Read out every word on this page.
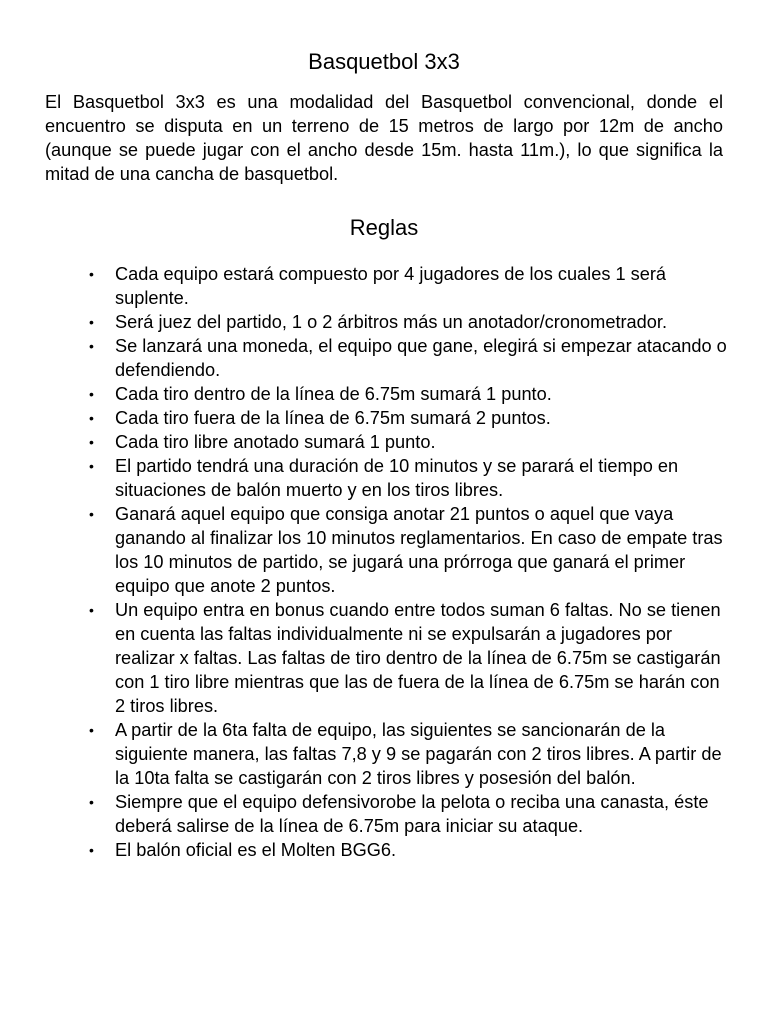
Basquetbol 3x3

El Basquetbol 3x3 es una modalidad del Basquetbol convencional, donde el encuentro se disputa en un terreno de 15 metros de largo por 12m de ancho (aunque se puede jugar con el ancho desde 15m. hasta 11m.), lo que significa la mitad de una cancha de basquetbol.

Reglas
• Cada equipo estará compuesto por 4 jugadores de los cuales 1 será suplente.
• Será juez del partido, 1 o 2 árbitros más un anotador/cronometrador.
• Se lanzará una moneda, el equipo que gane, elegirá si empezar atacando o defendiendo.
• Cada tiro dentro de la línea de 6.75m sumará 1 punto.
• Cada tiro fuera de la línea de 6.75m sumará 2 puntos.
• Cada tiro libre anotado sumará 1 punto.
• El partido tendrá una duración de 10 minutos y se parará el tiempo en situaciones de balón muerto y en los tiros libres.
• Ganará aquel equipo que consiga anotar 21 puntos o aquel que vaya ganando al finalizar los 10 minutos reglamentarios. En caso de empate tras los 10 minutos de partido, se jugará una prórroga que ganará el primer equipo que anote 2 puntos.
• Un equipo entra en bonus cuando entre todos suman 6 faltas. No se tienen en cuenta las faltas individualmente ni se expulsarán a jugadores por realizar x faltas. Las faltas de tiro dentro de la línea de 6.75m se castigarán con 1 tiro libre mientras que las de fuera de la línea de 6.75m se harán con 2 tiros libres.
• A partir de la 6ta falta de equipo, las siguientes se sancionarán de la siguiente manera, las faltas 7,8 y 9 se pagarán con 2 tiros libres. A partir de la 10ta falta se castigarán con 2 tiros libres y posesión del balón.
• Siempre que el equipo defensivorobe la pelota o reciba una canasta, éste deberá salirse de la línea de 6.75m para iniciar su ataque.
• El balón oficial es el Molten BGG6.
